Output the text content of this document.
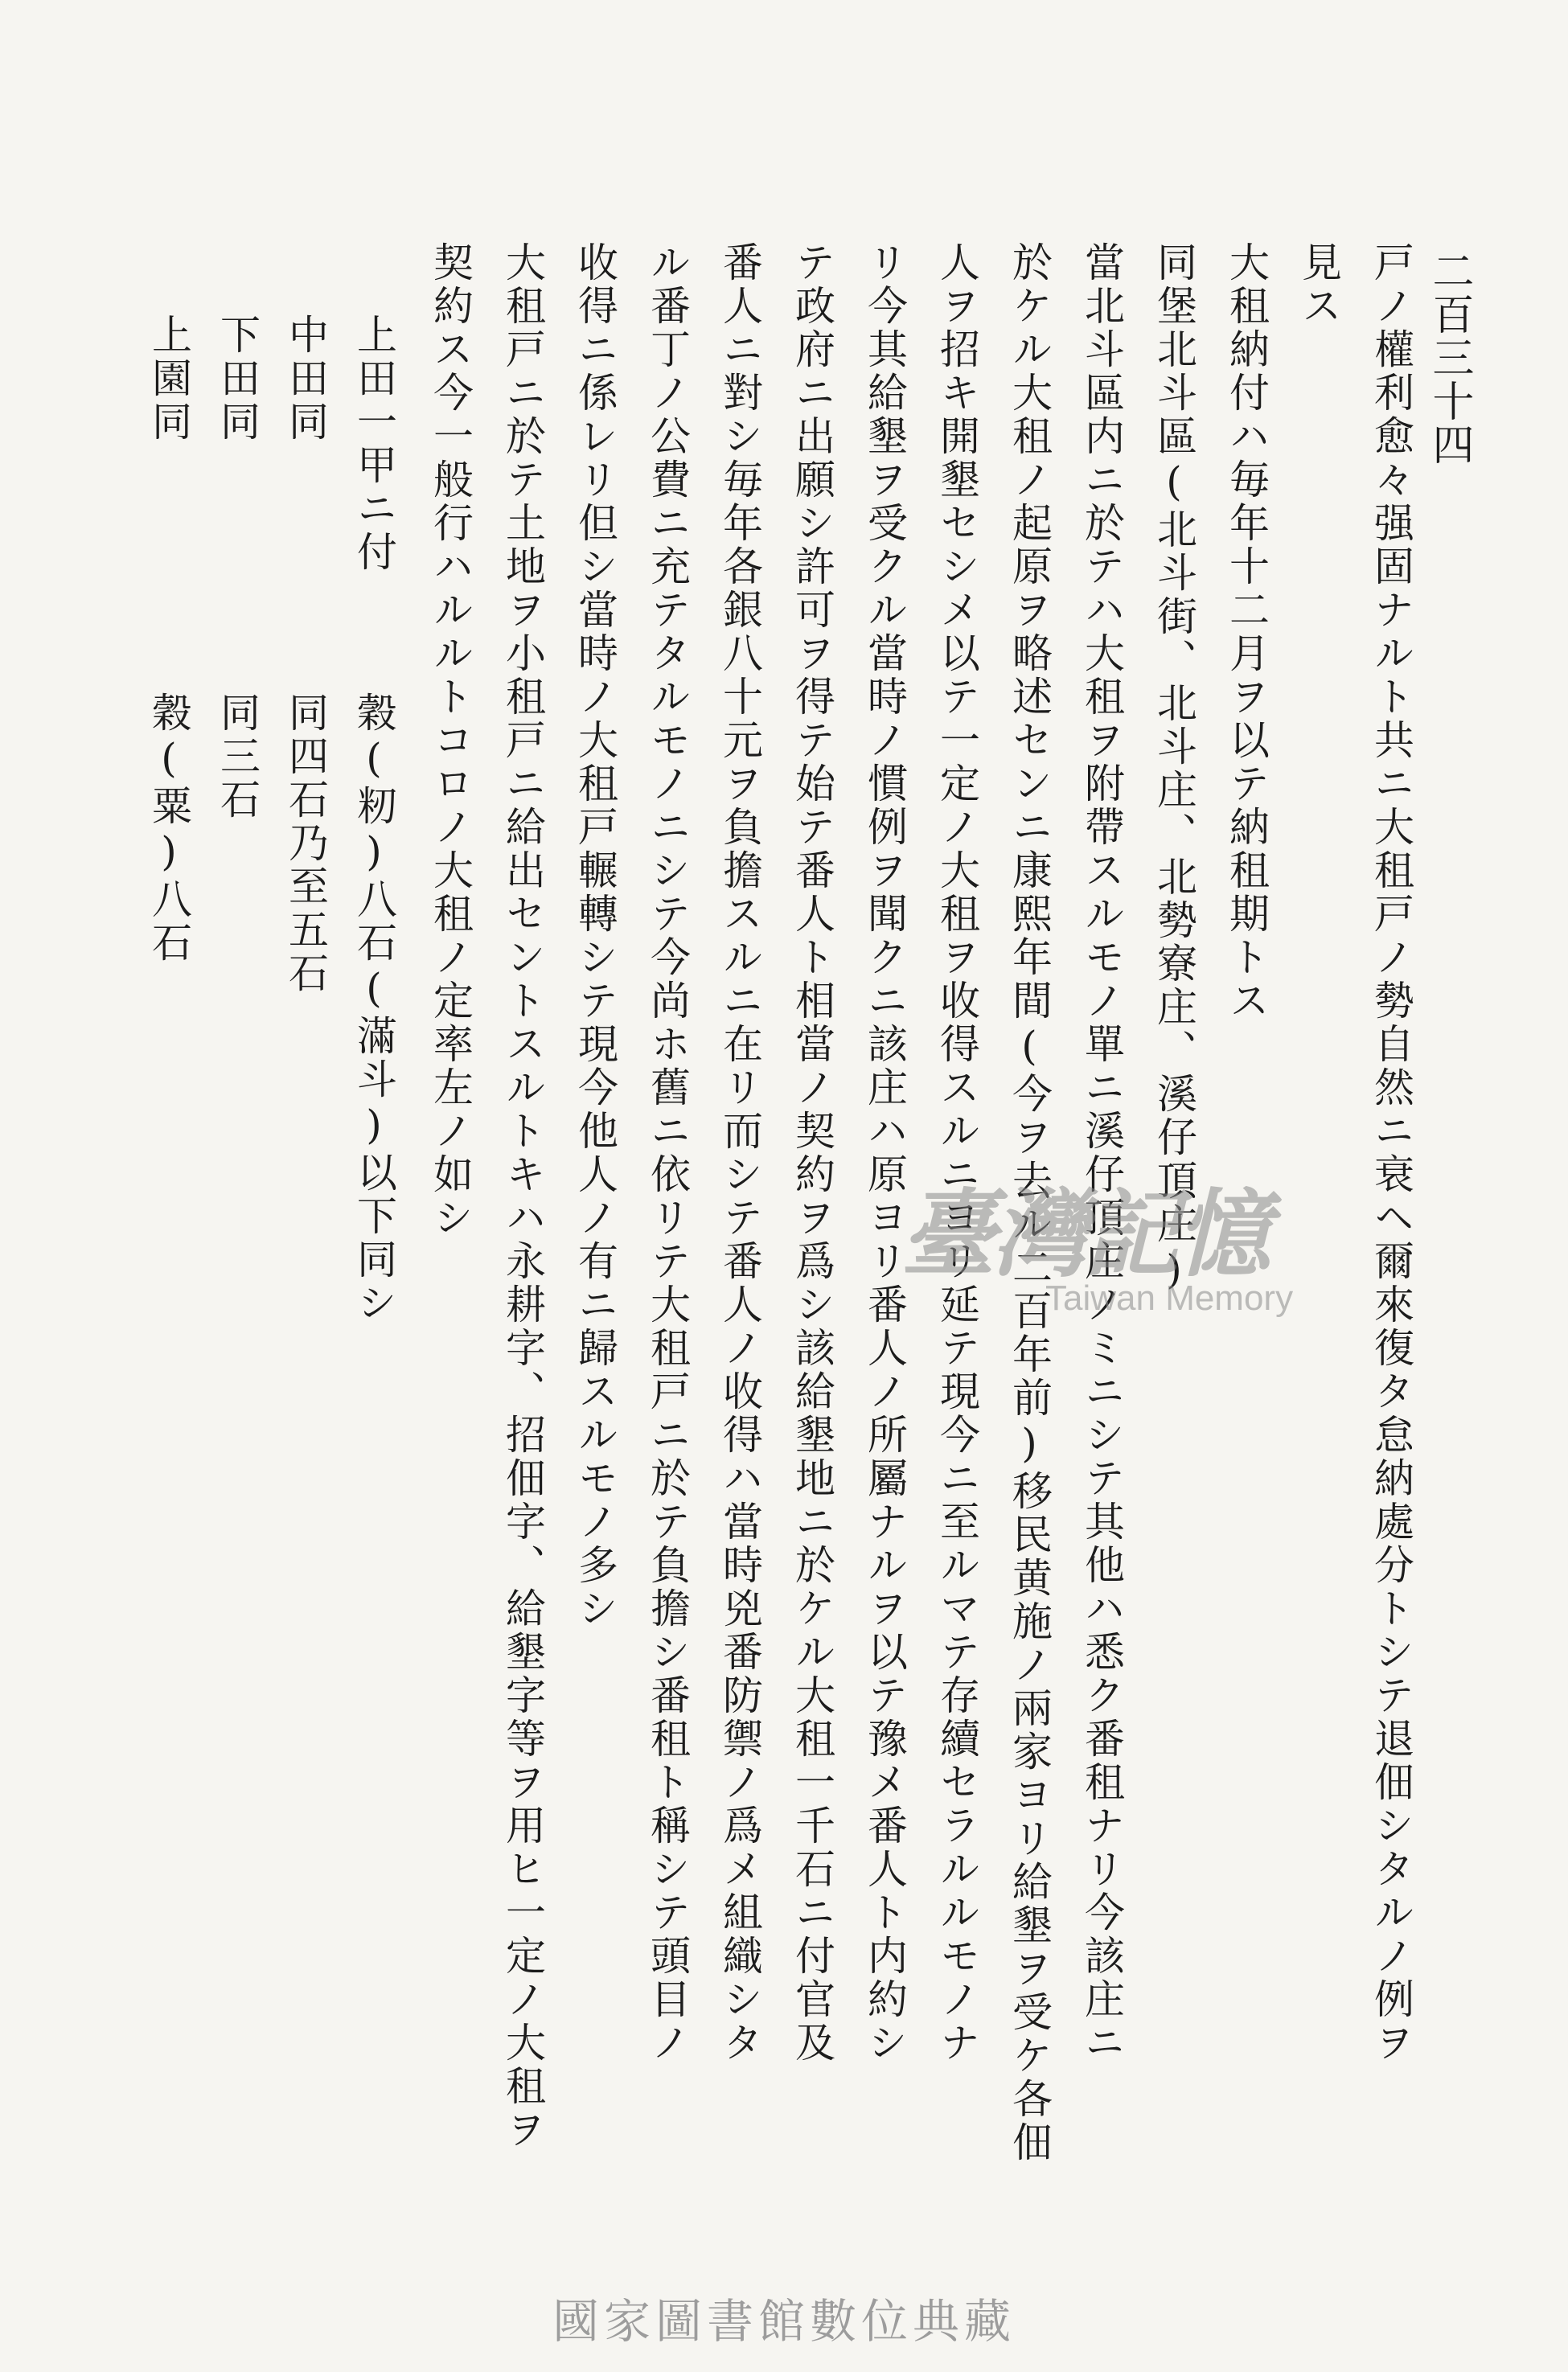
二百三十四
戸ノ權利愈々强固ナルト共ニ大租戸ノ勢自然ニ衰ヘ爾來復タ怠納處分トシテ退佃シタルノ例ヲ
見ス
大租納付ハ毎年十二月ヲ以テ納租期トス
同堡北斗區(北斗街、北斗庄、北勢寮庄、溪仔頂庄)
當北斗區内ニ於テハ大租ヲ附帶スルモノ單ニ溪仔頂庄ノミニシテ其他ハ悉ク番租ナリ今該庄ニ
於ケル大租ノ起原ヲ略述センニ康熙年間(今ヲ去ル二百年前)移民黄施ノ兩家ヨリ給墾ヲ受ケ各佃
人ヲ招キ開墾セシメ以テ一定ノ大租ヲ收得スルニヨリ延テ現今ニ至ルマテ存續セラルルモノナ
リ今其給墾ヲ受クル當時ノ慣例ヲ聞クニ該庄ハ原ヨリ番人ノ所屬ナルヲ以テ豫メ番人ト内約シ
テ政府ニ出願シ許可ヲ得テ始テ番人ト相當ノ契約ヲ爲シ該給墾地ニ於ケル大租一千石ニ付官及
番人ニ對シ毎年各銀八十元ヲ負擔スルニ在リ而シテ番人ノ收得ハ當時兇番防禦ノ爲メ組織シタ
ル番丁ノ公費ニ充テタルモノニシテ今尚ホ舊ニ依リテ大租戸ニ於テ負擔シ番租ト稱シテ頭目ノ
收得ニ係レリ但シ當時ノ大租戸輾轉シテ現今他人ノ有ニ歸スルモノ多シ
大租戸ニ於テ土地ヲ小租戸ニ給出セントスルトキハ永耕字、招佃字、給墾字等ヲ用ヒ一定ノ大租ヲ
契約ス今一般行ハルルトコロノ大租ノ定率左ノ如シ
上田一甲ニ付
穀(籾)八石(滿斗)以下同シ
中田同
同四石乃至五石
下田同
同三石
上園同
穀(粟)八石
臺灣記憶
Taiwan Memory
國家圖書館數位典藏
